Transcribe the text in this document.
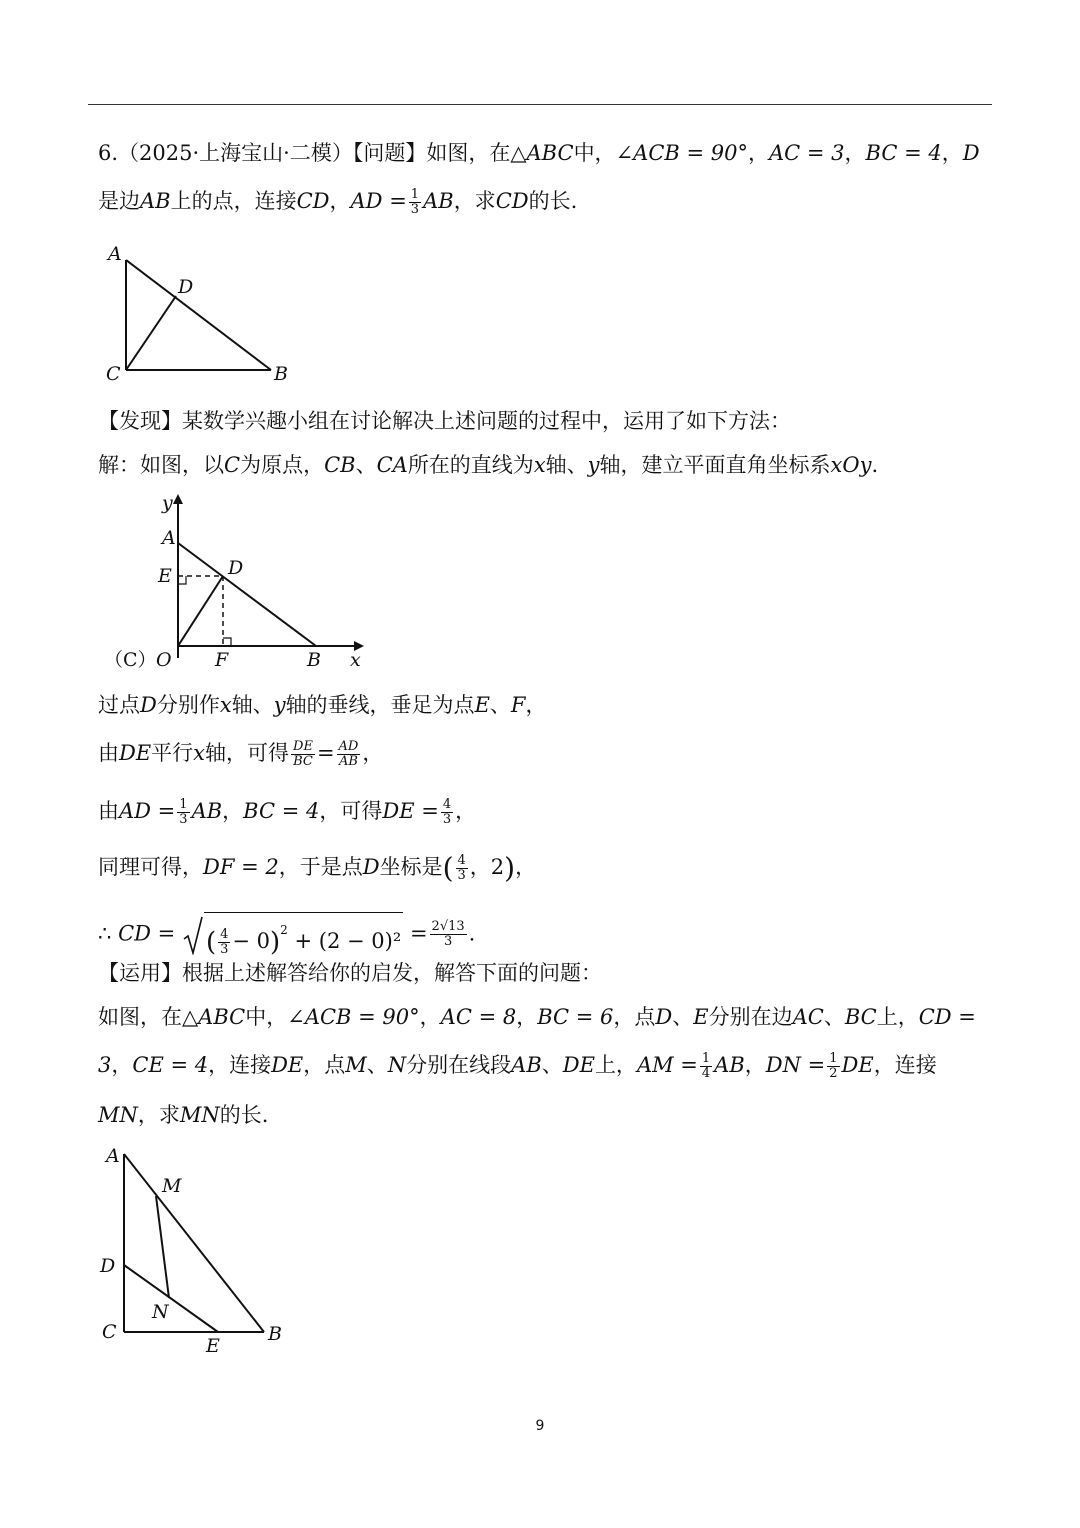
6.（2025·上海宝山·二模）【问题】如图，在△ABC中，∠ACB = 90°，AC = 3，BC = 4，D
是边AB上的点，连接CD，AD = $\frac{1}{3}$ AB，求CD的长.
A
D
C	B
【发现】某数学兴趣小组在讨论解决上述问题的过程中，运用了如下方法：
解：如图，以C为原点，CB、CA所在的直线为x轴、y轴，建立平面直角坐标系xOy.
y
A
E	D
（C） O F	B x
过点D分别作x轴、y轴的垂线，垂足为点E、F，
由DE平行x轴，可得 $\frac{DE}{BC} = \frac{AD}{AB}$ ，
由AD = $\frac{1}{3}$ AB，BC = 4，可得DE = $\frac{4}{3}$ ，
同理可得，DF = 2，于是点D坐标是( $\frac{4}{3}$ ，2)，
∴ CD = ( $\frac{4}{3} - 0)^2 + (2 - 0)^2 = \frac{2√13}{3}$ .
【运用】根据上述解答给你的启发，解答下面的问题：
如图，在△ABC中，∠ACB = 90°，AC = 8，BC = 6，点D、E分别在边AC、BC上，CD =
3，CE = 4，连接DE，点M、N分别在线段AB、DE上，AM = $\frac{1}{4}$ AB，DN = $\frac{1}{2}$ DE，连接
MN，求MN的长.
A
M
D
N
C
E
B
9
